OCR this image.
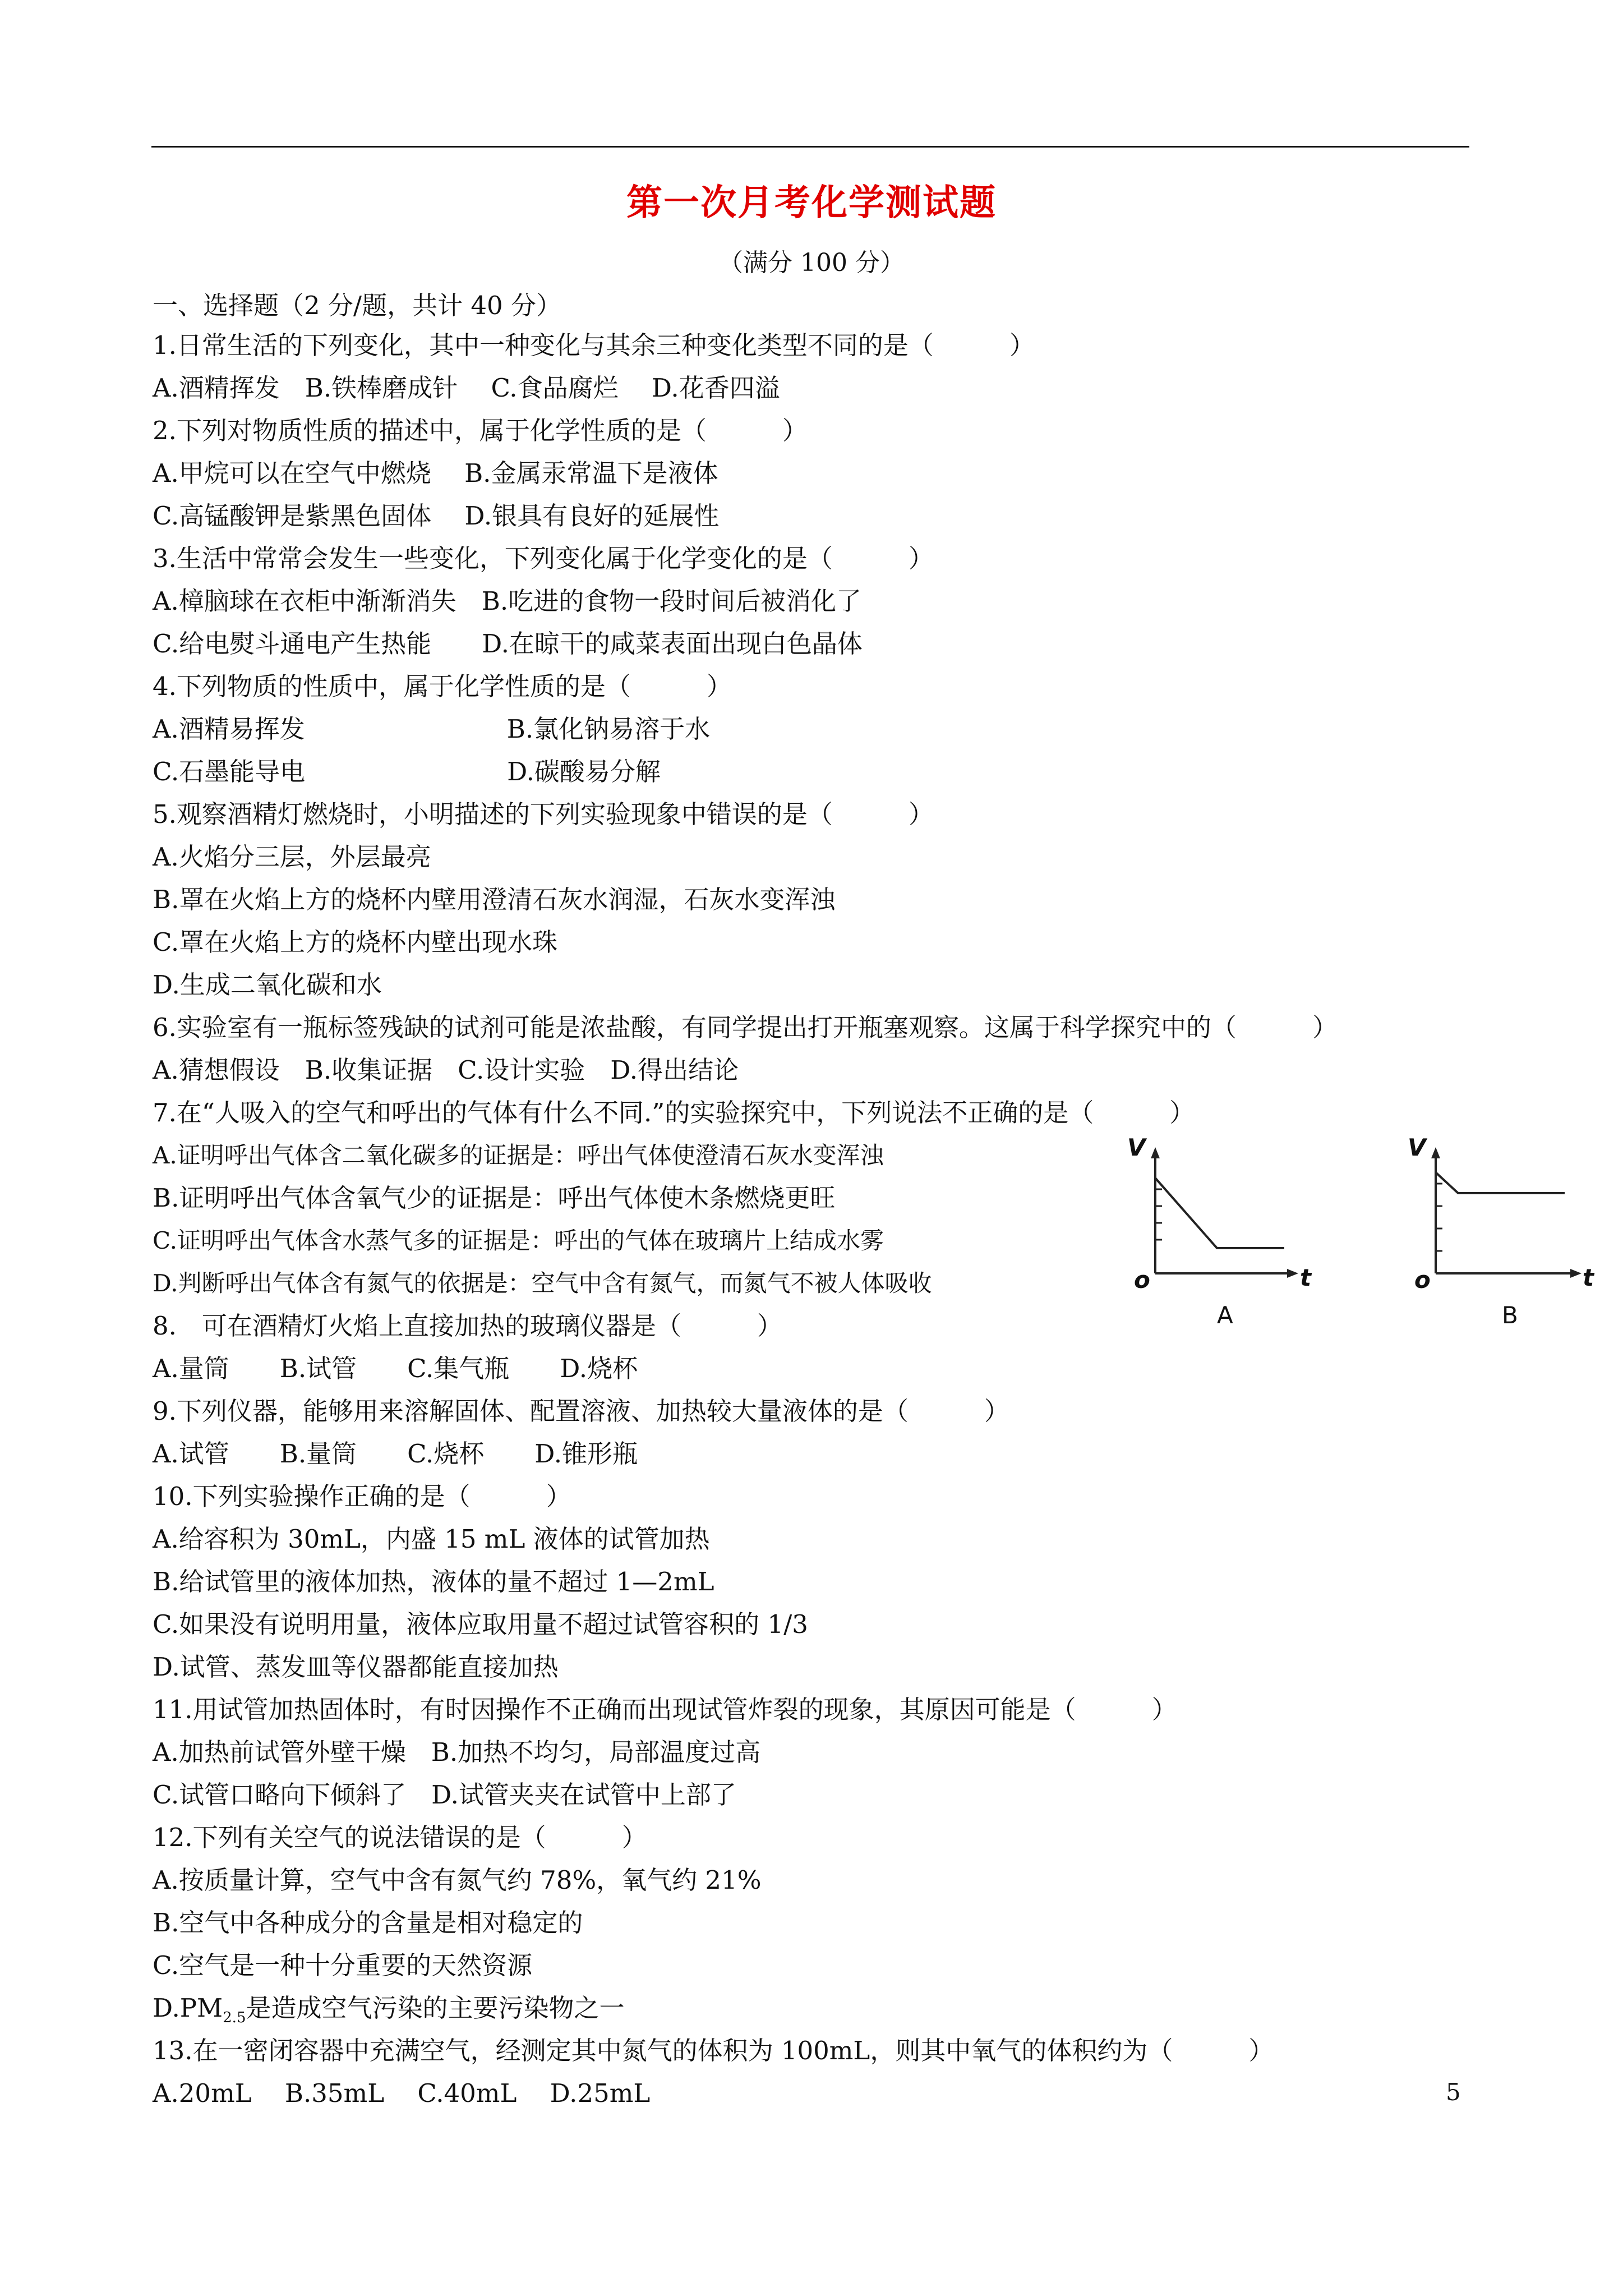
第一次月考化学测试题
（满分 100 分）
一、选择题（2 分/题，共计 40 分）
1.日常生活的下列变化，其中一种变化与其余三种变化类型不同的是（　　　）
A.酒精挥发　B.铁棒磨成针　 C.食品腐烂　 D.花香四溢
2.下列对物质性质的描述中，属于化学性质的是（　　　）
A.甲烷可以在空气中燃烧　 B.金属汞常温下是液体
C.高锰酸钾是紫黑色固体　 D.银具有良好的延展性
3.生活中常常会发生一些变化，下列变化属于化学变化的是（　　　）
A.樟脑球在衣柜中渐渐消失　B.吃进的食物一段时间后被消化了
C.给电熨斗通电产生热能　　D.在晾干的咸菜表面出现白色晶体
4.下列物质的性质中，属于化学性质的是（　　　）
A.酒精易挥发　　　　　　　　B.氯化钠易溶于水
C.石墨能导电　　　　　　　　D.碳酸易分解
5.观察酒精灯燃烧时，小明描述的下列实验现象中错误的是（　　　）
A.火焰分三层，外层最亮
B.罩在火焰上方的烧杯内壁用澄清石灰水润湿，石灰水变浑浊
C.罩在火焰上方的烧杯内壁出现水珠
D.生成二氧化碳和水
6.实验室有一瓶标签残缺的试剂可能是浓盐酸，有同学提出打开瓶塞观察。这属于科学探究中的（　　　）
A.猜想假设　B.收集证据　C.设计实验　D.得出结论
7.在“人吸入的空气和呼出的气体有什么不同.”的实验探究中，下列说法不正确的是（　　　）
A.证明呼出气体含二氧化碳多的证据是：呼出气体使澄清石灰水变浑浊
B.证明呼出气体含氧气少的证据是：呼出气体使木条燃烧更旺
C.证明呼出气体含水蒸气多的证据是：呼出的气体在玻璃片上结成水雾
D.判断呼出气体含有氮气的依据是：空气中含有氮气，而氮气不被人体吸收
8.　可在酒精灯火焰上直接加热的玻璃仪器是（　　　）
A.量筒　　B.试管　　C.集气瓶　　D.烧杯
9.下列仪器，能够用来溶解固体、配置溶液、加热较大量液体的是（　　　）
A.试管　　B.量筒　　C.烧杯　　D.锥形瓶
10.下列实验操作正确的是（　　　）
A.给容积为 30mL，内盛 15 mL 液体的试管加热
B.给试管里的液体加热，液体的量不超过 1—2mL
C.如果没有说明用量，液体应取用量不超过试管容积的 1/3
D.试管、蒸发皿等仪器都能直接加热
11.用试管加热固体时，有时因操作不正确而出现试管炸裂的现象，其原因可能是（　　　）
A.加热前试管外壁干燥　B.加热不均匀，局部温度过高
C.试管口略向下倾斜了　D.试管夹夹在试管中上部了
12.下列有关空气的说法错误的是（　　　）
A.按质量计算，空气中含有氮气约 78%，氧气约 21%
B.空气中各种成分的含量是相对稳定的
C.空气是一种十分重要的天然资源
$D.PM_{2.5}$是造成空气污染的主要污染物之一
13.在一密闭容器中充满空气，经测定其中氮气的体积为 100mL，则其中氧气的体积约为（　　　）
A.20mL　 B.35mL　 C.40mL　 D.25mL
V
t
o
A
V
t
o
B
5
